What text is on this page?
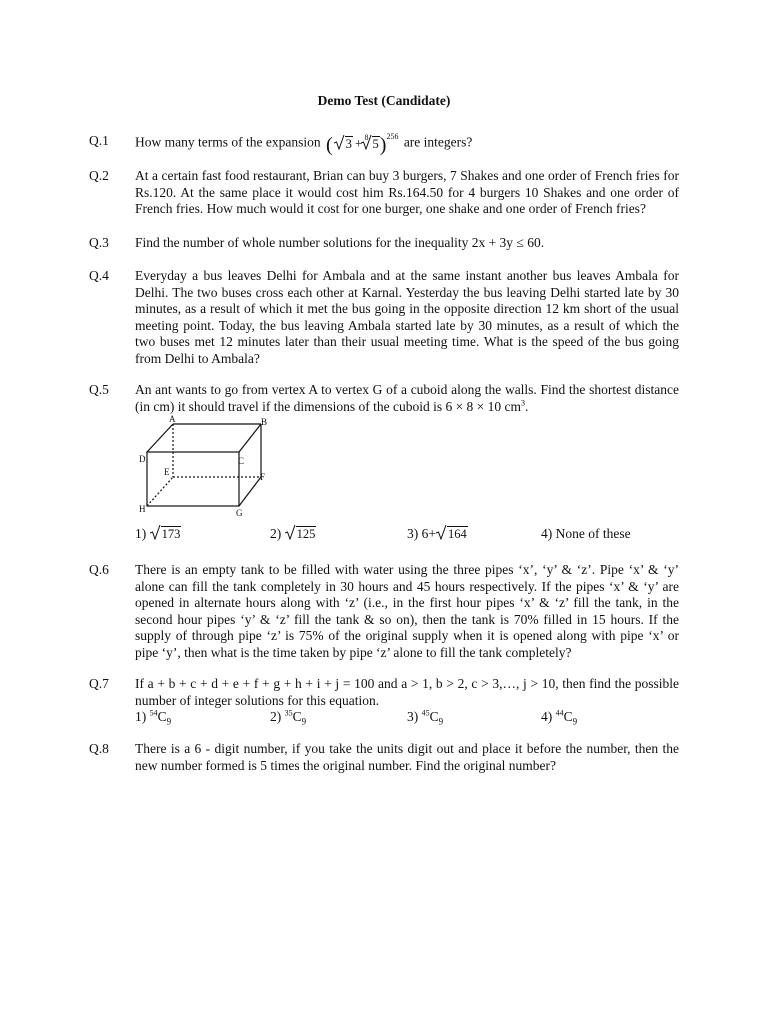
Demo Test (Candidate)
Q.1 How many terms of the expansion ( 3 + $^8$ 5)$^{256}$ are integers?
Q.2 At a certain fast food restaurant, Brian can buy 3 burgers, 7 Shakes and one order of French fries for Rs.120. At the same place it would cost him Rs.164.50 for 4 burgers 10 Shakes and one order of French fries. How much would it cost for one burger, one shake and one order of French fries?
Q.3 Find the number of whole number solutions for the inequality 2x + 3y ≤ 60.
Q.4 Everyday a bus leaves Delhi for Ambala and at the same instant another bus leaves Ambala for Delhi. The two buses cross each other at Karnal. Yesterday the bus leaving Delhi started late by 30 minutes, as a result of which it met the bus going in the opposite direction 12 km short of the usual meeting point. Today, the bus leaving Ambala started late by 30 minutes, as a result of which the two buses met 12 minutes later than their usual meeting time. What is the speed of the bus going from Delhi to Ambala?
Q.5 An ant wants to go from vertex A to vertex G of a cuboid along the walls. Find the shortest distance (in cm) it should travel if the dimensions of the cuboid is 6 × 8 × 10 $cm^3$.
A	B
C
D
E	F
G
H
1) 173	2) 125	3) 6+ 164	4) None of these
Q.6 There is an empty tank to be filled with water using the three pipes ‘x’, ‘y’ & ‘z’. Pipe ‘x’ & ‘y’ alone can fill the tank completely in 30 hours and 45 hours respectively. If the pipes ‘x’ & ‘y’ are opened in alternate hours along with ‘z’ (i.e., in the first hour pipes ‘x’ & ‘z’ fill the tank, in the second hour pipes ‘y’ & ‘z’ fill the tank & so on), then the tank is 70% filled in 15 hours. If the supply of through pipe ‘z’ is 75% of the original supply when it is opened along with pipe ‘x’ or pipe ‘y’, then what is the time taken by pipe ‘z’ alone to fill the tank completely?
Q.7 If a + b + c + d + e + f + g + h + i + j = 100 and a > 1, b > 2, c > 3,…, j > 10, then find the possible number of integer solutions for this equation.
1) $^{54}C_9$	2) $^{35}C_9$	3) $^{45}C_9$	4) $^{44}C_9$
Q.8 There is a 6 - digit number, if you take the units digit out and place it before the number, then the new number formed is 5 times the original number. Find the original number?
